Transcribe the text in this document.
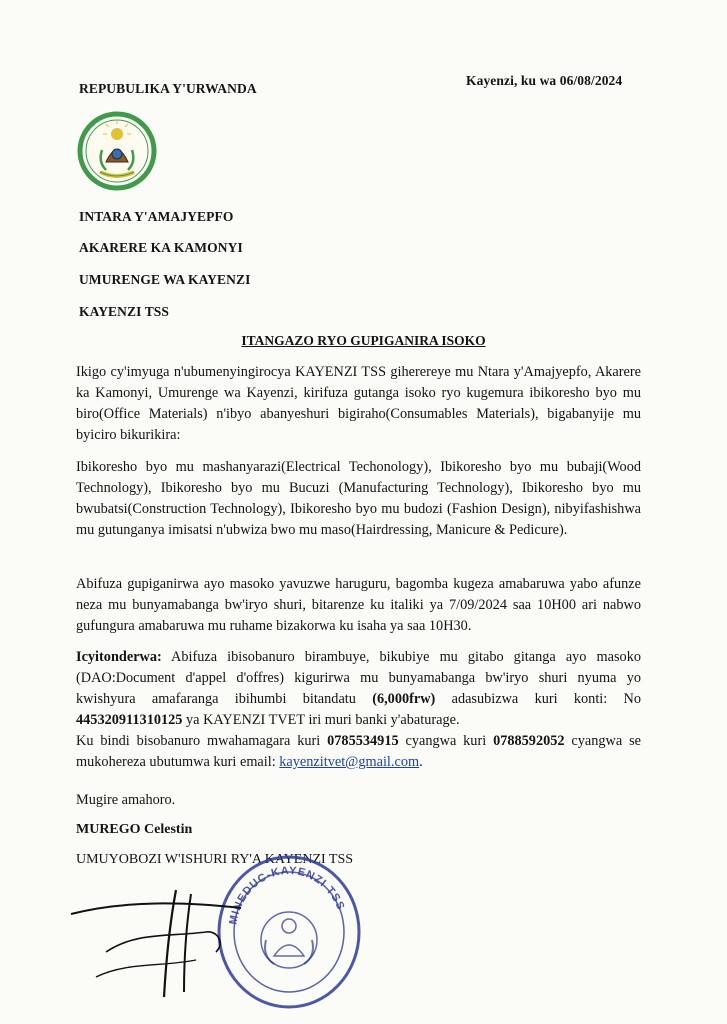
REPUBULIKA Y'URWANDA
Kayenzi, ku wa 06/08/2024
INTARA Y'AMAJYEPFO
AKARERE KA KAMONYI
UMURENGE WA KAYENZI
KAYENZI TSS
ITANGAZO RYO GUPIGANIRA ISOKO
Ikigo cy'imyuga n'ubumenyingirocya KAYENZI TSS giherereye mu Ntara y'Amajyepfo, Akarere ka Kamonyi, Umurenge wa Kayenzi, kirifuza gutanga isoko ryo kugemura ibikoresho byo mu biro(Office Materials) n'ibyo abanyeshuri bigiraho(Consumables Materials), bigabanyije mu byiciro bikurikira:
Ibikoresho byo mu mashanyarazi(Electrical Techonology), Ibikoresho byo mu bubaji(Wood Technology), Ibikoresho byo mu Bucuzi (Manufacturing Technology), Ibikoresho byo mu bwubatsi(Construction Technology), Ibikoresho byo mu budozi (Fashion Design), nibyifashishwa mu gutunganya imisatsi n'ubwiza bwo mu maso(Hairdressing, Manicure & Pedicure).
Abifuza gupiganirwa ayo masoko yavuzwe haruguru, bagomba kugeza amabaruwa yabo afunze neza mu bunyamabanga bw'iryo shuri, bitarenze ku italiki ya 7/09/2024 saa 10H00 ari nabwo gufungura amabaruwa mu ruhame bizakorwa ku isaha ya saa 10H30.
Icyitonderwa: Abifuza ibisobanuro birambuye, bikubiye mu gitabo gitanga ayo masoko (DAO:Document d'appel d'offres) kigurirwa mu bunyamabanga bw'iryo shuri nyuma yo kwishyura amafaranga ibihumbi bitandatu (6,000frw) adasubizwa kuri konti: No 445320911310125 ya KAYENZI TVET iri muri banki y'abaturage.
Ku bindi bisobanuro mwahamagara kuri 0785534915 cyangwa kuri 0788592052 cyangwa se mukohereza ubutumwa kuri email: kayenzitvet@gmail.com.
Mugire amahoro.
MUREGO Celestin
UMUYOBOZI W'ISHURI RY'A KAYENZI TSS
MINEDUC-KAYENZI TSS
